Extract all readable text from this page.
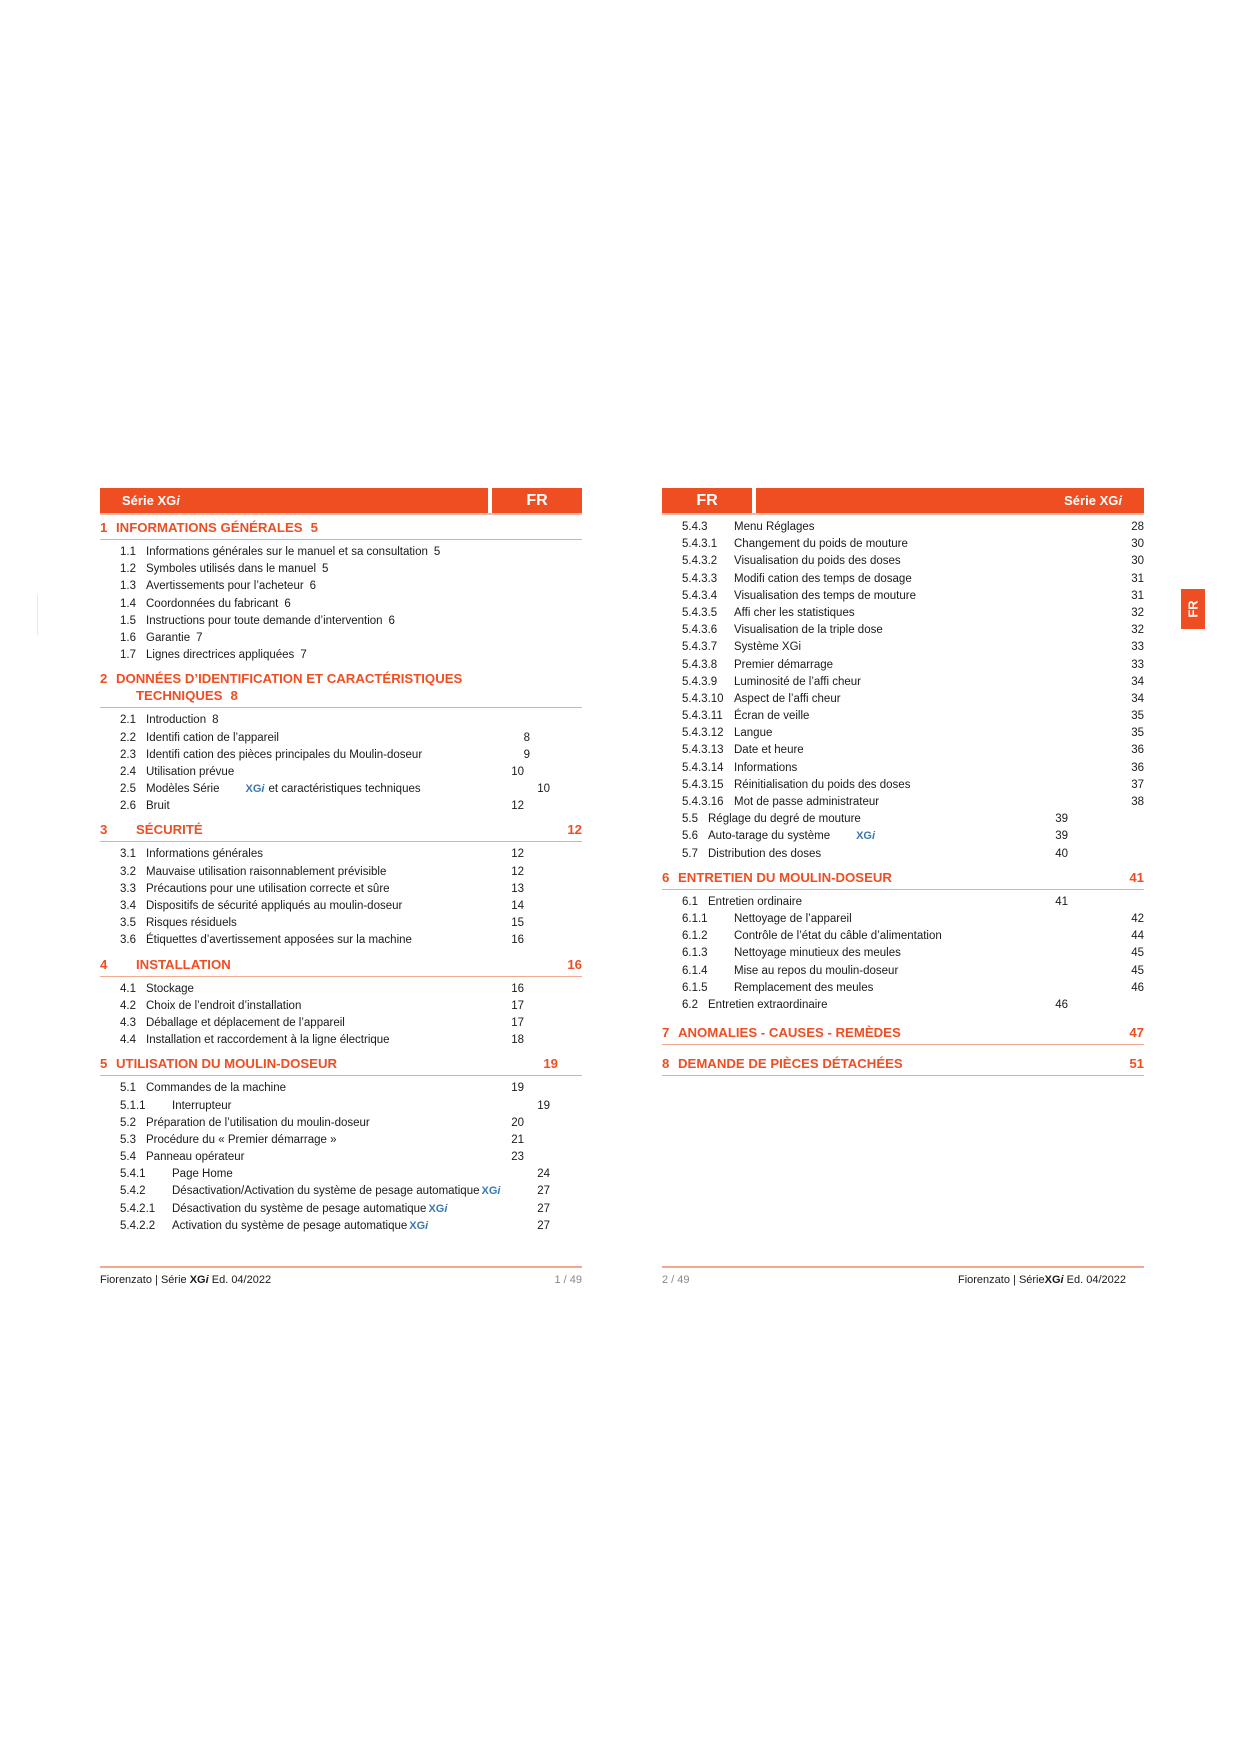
Série XGi	FR
1 INFORMATIONS GÉNÉRALES 5
1.1 Informations générales sur le manuel et sa consultation 5
1.2 Symboles utilisés dans le manuel 5
1.3 Avertissements pour l’acheteur 6
1.4 Coordonnées du fabricant 6
1.5 Instructions pour toute demande d’intervention 6
1.6 Garantie 7
1.7 Lignes directrices appliquées 7
2 DONNÉES D’IDENTIFICATION ET CARACTÉRISTIQUES
TECHNIQUES 8
2.1 Introduction 8
2.2 Identifi cation de l’appareil	8
2.3 Identifi cation des pièces principales du Moulin-doseur	9
2.4 Utilisation prévue	10
2.5 Modèles Série XGi et caractéristiques techniques	10
2.6 Bruit	12
3	SÉCURITÉ	12
3.1 Informations générales	12
3.2 Mauvaise utilisation raisonnablement prévisible	12
3.3 Précautions pour une utilisation correcte et sûre	13
3.4 Dispositifs de sécurité appliqués au moulin-doseur	14
3.5 Risques résiduels	15
3.6 Étiquettes d’avertissement apposées sur la machine	16
4	INSTALLATION	16
4.1 Stockage	16
4.2 Choix de l’endroit d’installation	17
4.3 Déballage et déplacement de l’appareil	17
4.4 Installation et raccordement à la ligne électrique	18
5 UTILISATION DU MOULIN-DOSEUR	19
5.1 Commandes de la machine	19
5.1.1 Interrupteur	19
5.2 Préparation de l’utilisation du moulin-doseur	20
5.3 Procédure du « Premier démarrage »	21
5.4 Panneau opérateur	23
5.4.1 Page Home	24
5.4.2 Désactivation/Activation du système de pesage automatique XGi	27
5.4.2.1 Désactivation du système de pesage automatique XGi	27
5.4.2.2 Activation du système de pesage automatique XGi	27
Fiorenzato | Série XGi Ed. 04/2022	1 / 49
FR	Série XGi
5.4.3 Menu Réglages	28
5.4.3.1 Changement du poids de mouture	30
5.4.3.2 Visualisation du poids des doses	30
5.4.3.3 Modifi cation des temps de dosage	31
5.4.3.4 Visualisation des temps de mouture	31
5.4.3.5 Affi cher les statistiques	32
5.4.3.6 Visualisation de la triple dose	32
5.4.3.7 Système XGi	33
5.4.3.8 Premier démarrage	33
5.4.3.9 Luminosité de l’affi cheur	34
5.4.3.10 Aspect de l’affi cheur	34
5.4.3.11 Écran de veille	35
5.4.3.12 Langue	35
5.4.3.13 Date et heure	36
5.4.3.14 Informations	36
5.4.3.15 Réinitialisation du poids des doses	37
5.4.3.16 Mot de passe administrateur	38
5.5 Réglage du degré de mouture	39
5.6 Auto-tarage du système XGi	39
5.7 Distribution des doses	40
6 ENTRETIEN DU MOULIN-DOSEUR	41
6.1 Entretien ordinaire	41
6.1.1 Nettoyage de l’appareil	42
6.1.2 Contrôle de l’état du câble d’alimentation	44
6.1.3 Nettoyage minutieux des meules	45
6.1.4 Mise au repos du moulin-doseur	45
6.1.5 Remplacement des meules	46
6.2 Entretien extraordinaire	46
7 ANOMALIES - CAUSES - REMÈDES	47
8 DEMANDE DE PIÈCES DÉTACHÉES	51
2 / 49	Fiorenzato | SérieXGi Ed. 04/2022
FR
